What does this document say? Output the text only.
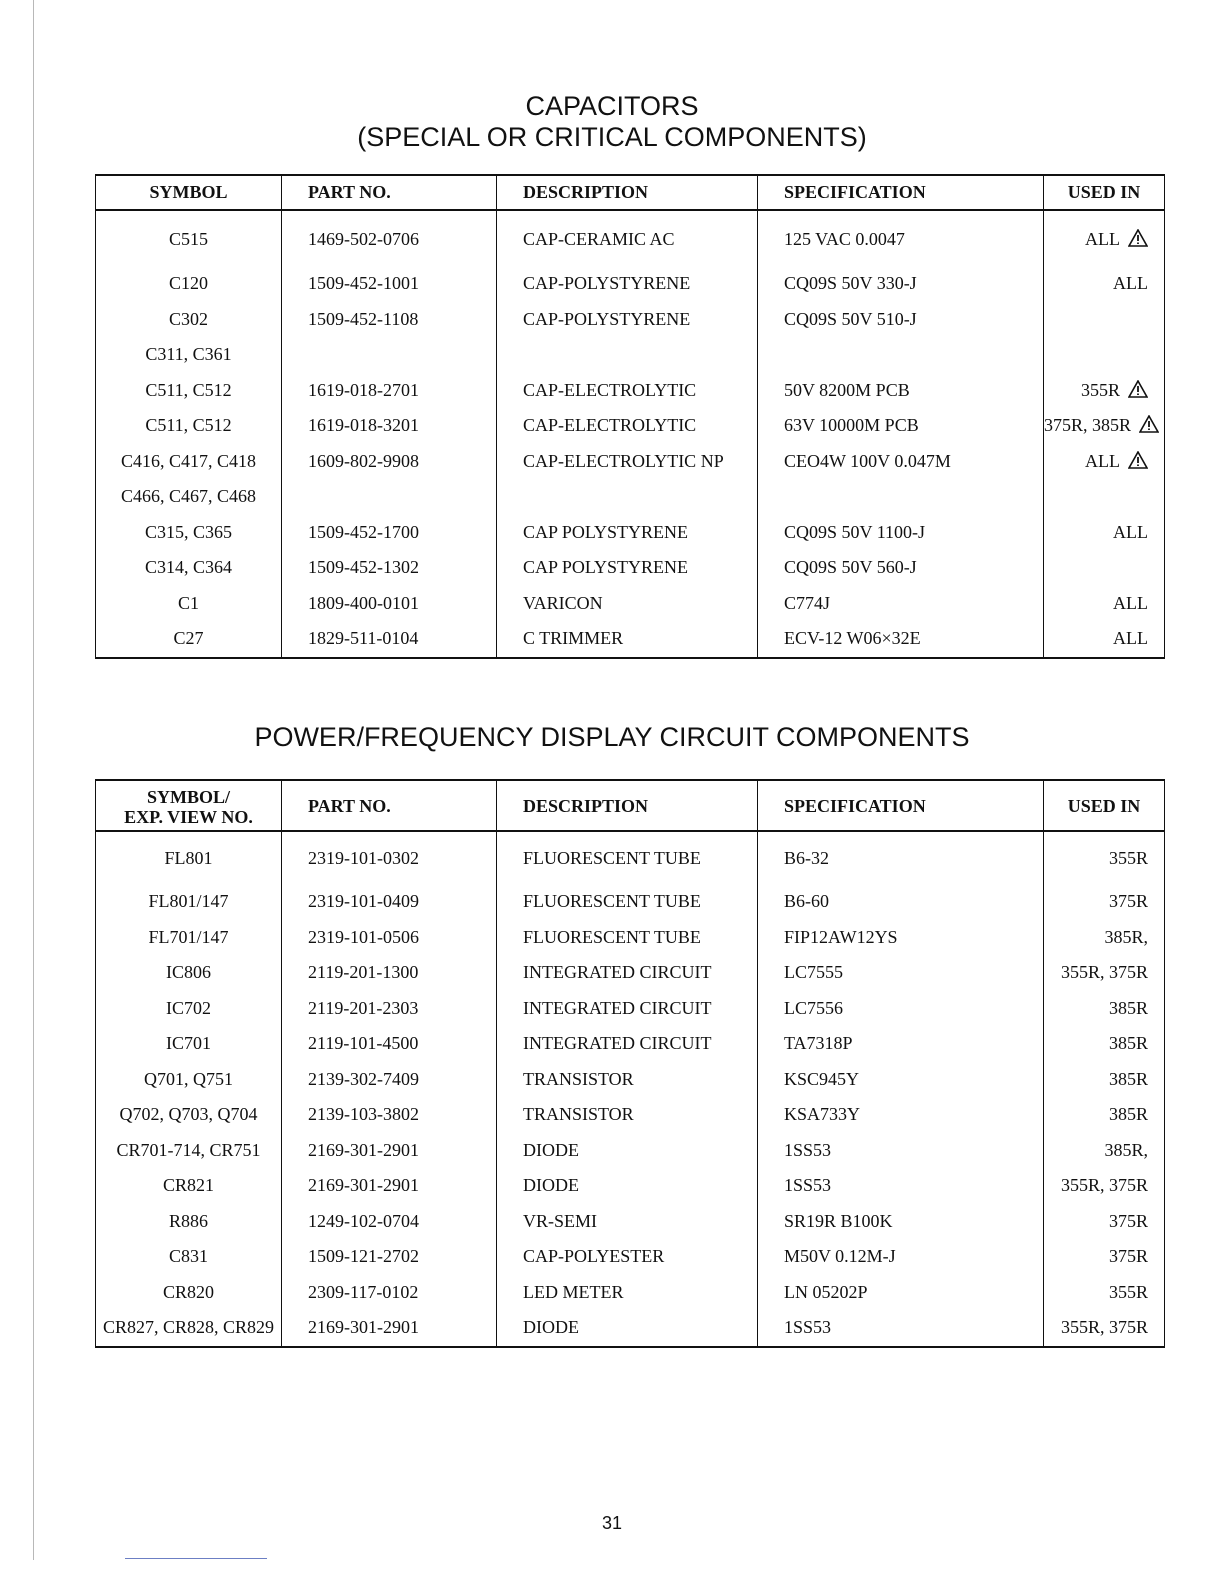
CAPACITORS
(SPECIAL OR CRITICAL COMPONENTS)
SYMBOL	PART NO.	DESCRIPTION	SPECIFICATION	USED IN
C515	1469-502-0706	CAP-CERAMIC AC	125 VAC 0.0047	ALL
C120	1509-452-1001	CAP-POLYSTYRENE	CQ09S 50V 330-J	ALL
C302	1509-452-1108	CAP-POLYSTYRENE	CQ09S 50V 510-J	
C311, C361				
C511, C512	1619-018-2701	CAP-ELECTROLYTIC	50V 8200M PCB	355R
C511, C512	1619-018-3201	CAP-ELECTROLYTIC	63V 10000M PCB	375R, 385R
C416, C417, C418	1609-802-9908	CAP-ELECTROLYTIC NP	CEO4W 100V 0.047M	ALL
C466, C467, C468				
C315, C365	1509-452-1700	CAP POLYSTYRENE	CQ09S 50V 1100-J	ALL
C314, C364	1509-452-1302	CAP POLYSTYRENE	CQ09S 50V 560-J	
C1	1809-400-0101	VARICON	C774J	ALL
C27	1829-511-0104	C TRIMMER	ECV-12 W06×32E	ALL
POWER/FREQUENCY DISPLAY CIRCUIT COMPONENTS
SYMBOL/
EXP. VIEW NO.	PART NO.	DESCRIPTION	SPECIFICATION	USED IN
FL801	2319-101-0302	FLUORESCENT TUBE	B6-32	355R
FL801/147	2319-101-0409	FLUORESCENT TUBE	B6-60	375R
FL701/147	2319-101-0506	FLUORESCENT TUBE	FIP12AW12YS	385R,
IC806	2119-201-1300	INTEGRATED CIRCUIT	LC7555	355R, 375R
IC702	2119-201-2303	INTEGRATED CIRCUIT	LC7556	385R
IC701	2119-101-4500	INTEGRATED CIRCUIT	TA7318P	385R
Q701, Q751	2139-302-7409	TRANSISTOR	KSC945Y	385R
Q702, Q703, Q704	2139-103-3802	TRANSISTOR	KSA733Y	385R
CR701-714, CR751	2169-301-2901	DIODE	1SS53	385R,
CR821	2169-301-2901	DIODE	1SS53	355R, 375R
R886	1249-102-0704	VR-SEMI	SR19R B100K	375R
C831	1509-121-2702	CAP-POLYESTER	M50V 0.12M-J	375R
CR820	2309-117-0102	LED METER	LN 05202P	355R
CR827, CR828, CR829	2169-301-2901	DIODE	1SS53	355R, 375R
31
